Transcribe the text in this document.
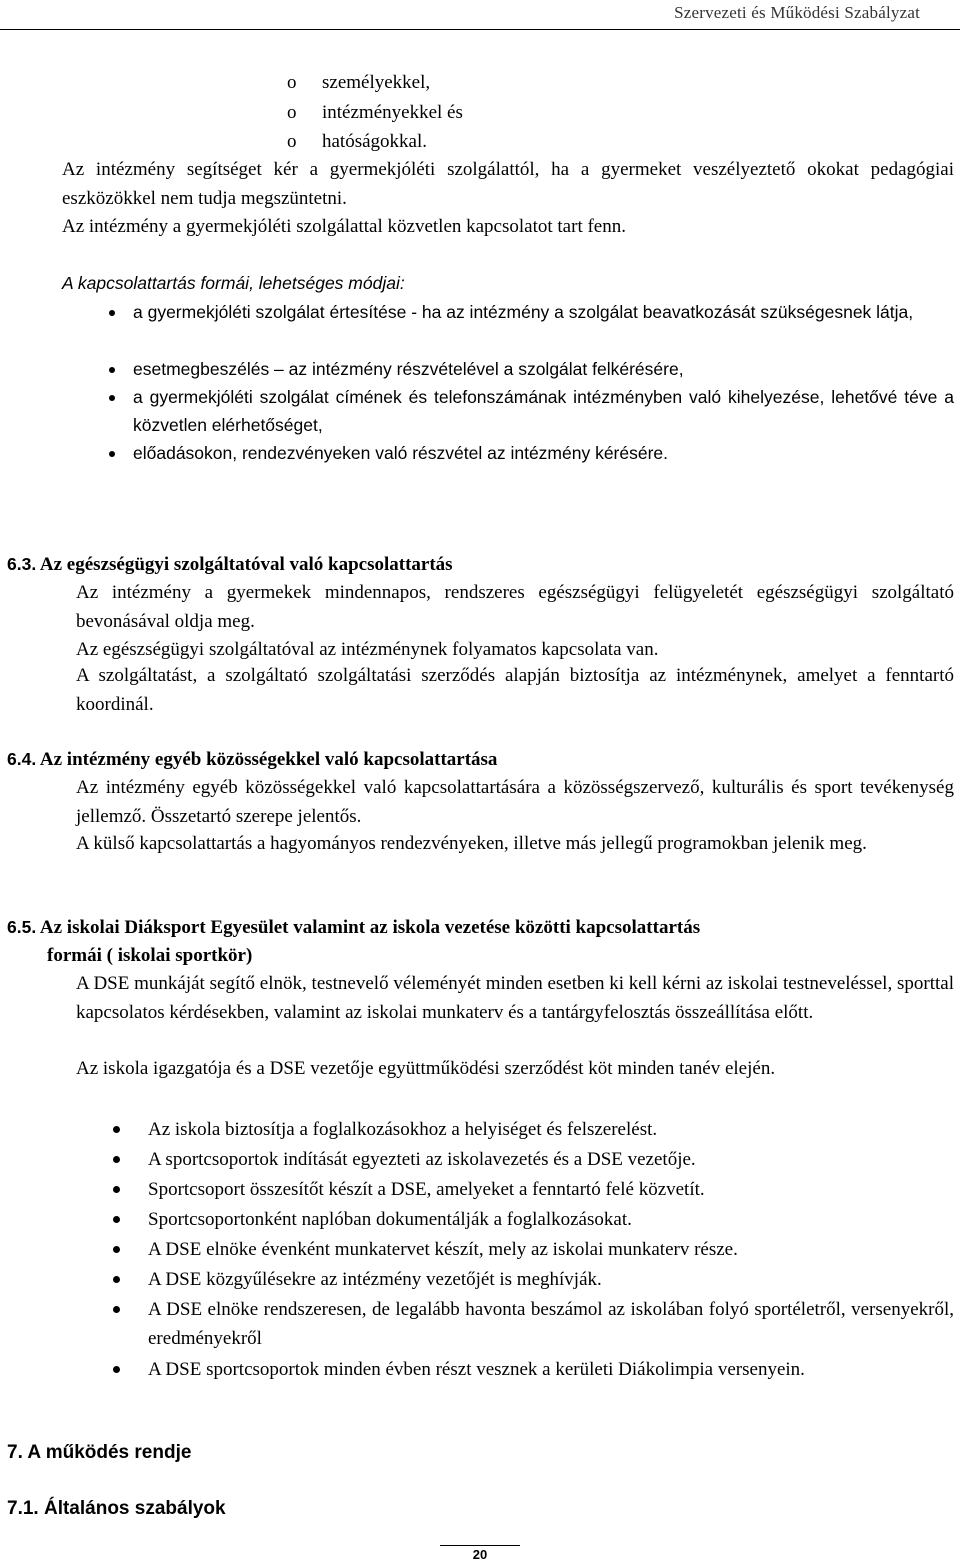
Szervezeti és Működési Szabályzat
o személyekkel,
o intézményekkel és
o hatóságokkal.

Az intézmény segítséget kér a gyermekjóléti szolgálattól, ha a gyermeket veszélyeztető okokat pedagógiai eszközökkel nem tudja megszüntetni.

Az intézmény a gyermekjóléti szolgálattal közvetlen kapcsolatot tart fenn.

A kapcsolattartás formái, lehetséges módjai:
a gyermekjóléti szolgálat értesítése - ha az intézmény a szolgálat beavatkozását szükségesnek látja,
esetmegbeszélés – az intézmény részvételével a szolgálat felkérésére,
a gyermekjóléti szolgálat címének és telefonszámának intézményben való kihelyezése, lehetővé téve a közvetlen elérhetőséget,
előadásokon, rendezvényeken való részvétel az intézmény kérésére.
6.3. Az egészségügyi szolgáltatóval való kapcsolattartás

Az intézmény a gyermekek mindennapos, rendszeres egészségügyi felügyeletét egészségügyi szolgáltató bevonásával oldja meg.

Az egészségügyi szolgáltatóval az intézménynek folyamatos kapcsolata van.

A szolgáltatást, a szolgáltató szolgáltatási szerződés alapján biztosítja az intézménynek, amelyet a fenntartó koordinál.

6.4. Az intézmény egyéb közösségekkel való kapcsolattartása

Az intézmény egyéb közösségekkel való kapcsolattartására a közösségszervező, kulturális és sport tevékenység jellemző. Összetartó szerepe jelentős.

A külső kapcsolattartás a hagyományos rendezvényeken, illetve más jellegű programokban jelenik meg.

6.5. Az iskolai Diáksport Egyesület valamint az iskola vezetése közötti kapcsolattartás
formái ( iskolai sportkör)

A DSE munkáját segítő elnök, testnevelő véleményét minden esetben ki kell kérni az iskolai testneveléssel, sporttal kapcsolatos kérdésekben, valamint az iskolai munkaterv és a tantárgyfelosztás összeállítása előtt.

Az iskola igazgatója és a DSE vezetője együttműködési szerződést köt minden tanév elején.

Az iskola biztosítja a foglalkozásokhoz a helyiséget és felszerelést.
A sportcsoportok indítását egyezteti az iskolavezetés és a DSE vezetője.
Sportcsoport összesítőt készít a DSE, amelyeket a fenntartó felé közvetít.
Sportcsoportonként naplóban dokumentálják a foglalkozásokat.
A DSE elnöke évenként munkatervet készít, mely az iskolai munkaterv része.
A DSE közgyűlésekre az intézmény vezetőjét is meghívják.
A DSE elnöke rendszeresen, de legalább havonta beszámol az iskolában folyó sportéletről, versenyekről, eredményekről
A DSE sportcsoportok minden évben részt vesznek a kerületi Diákolimpia versenyein.
7. A működés rendje
7.1. Általános szabályok
20
